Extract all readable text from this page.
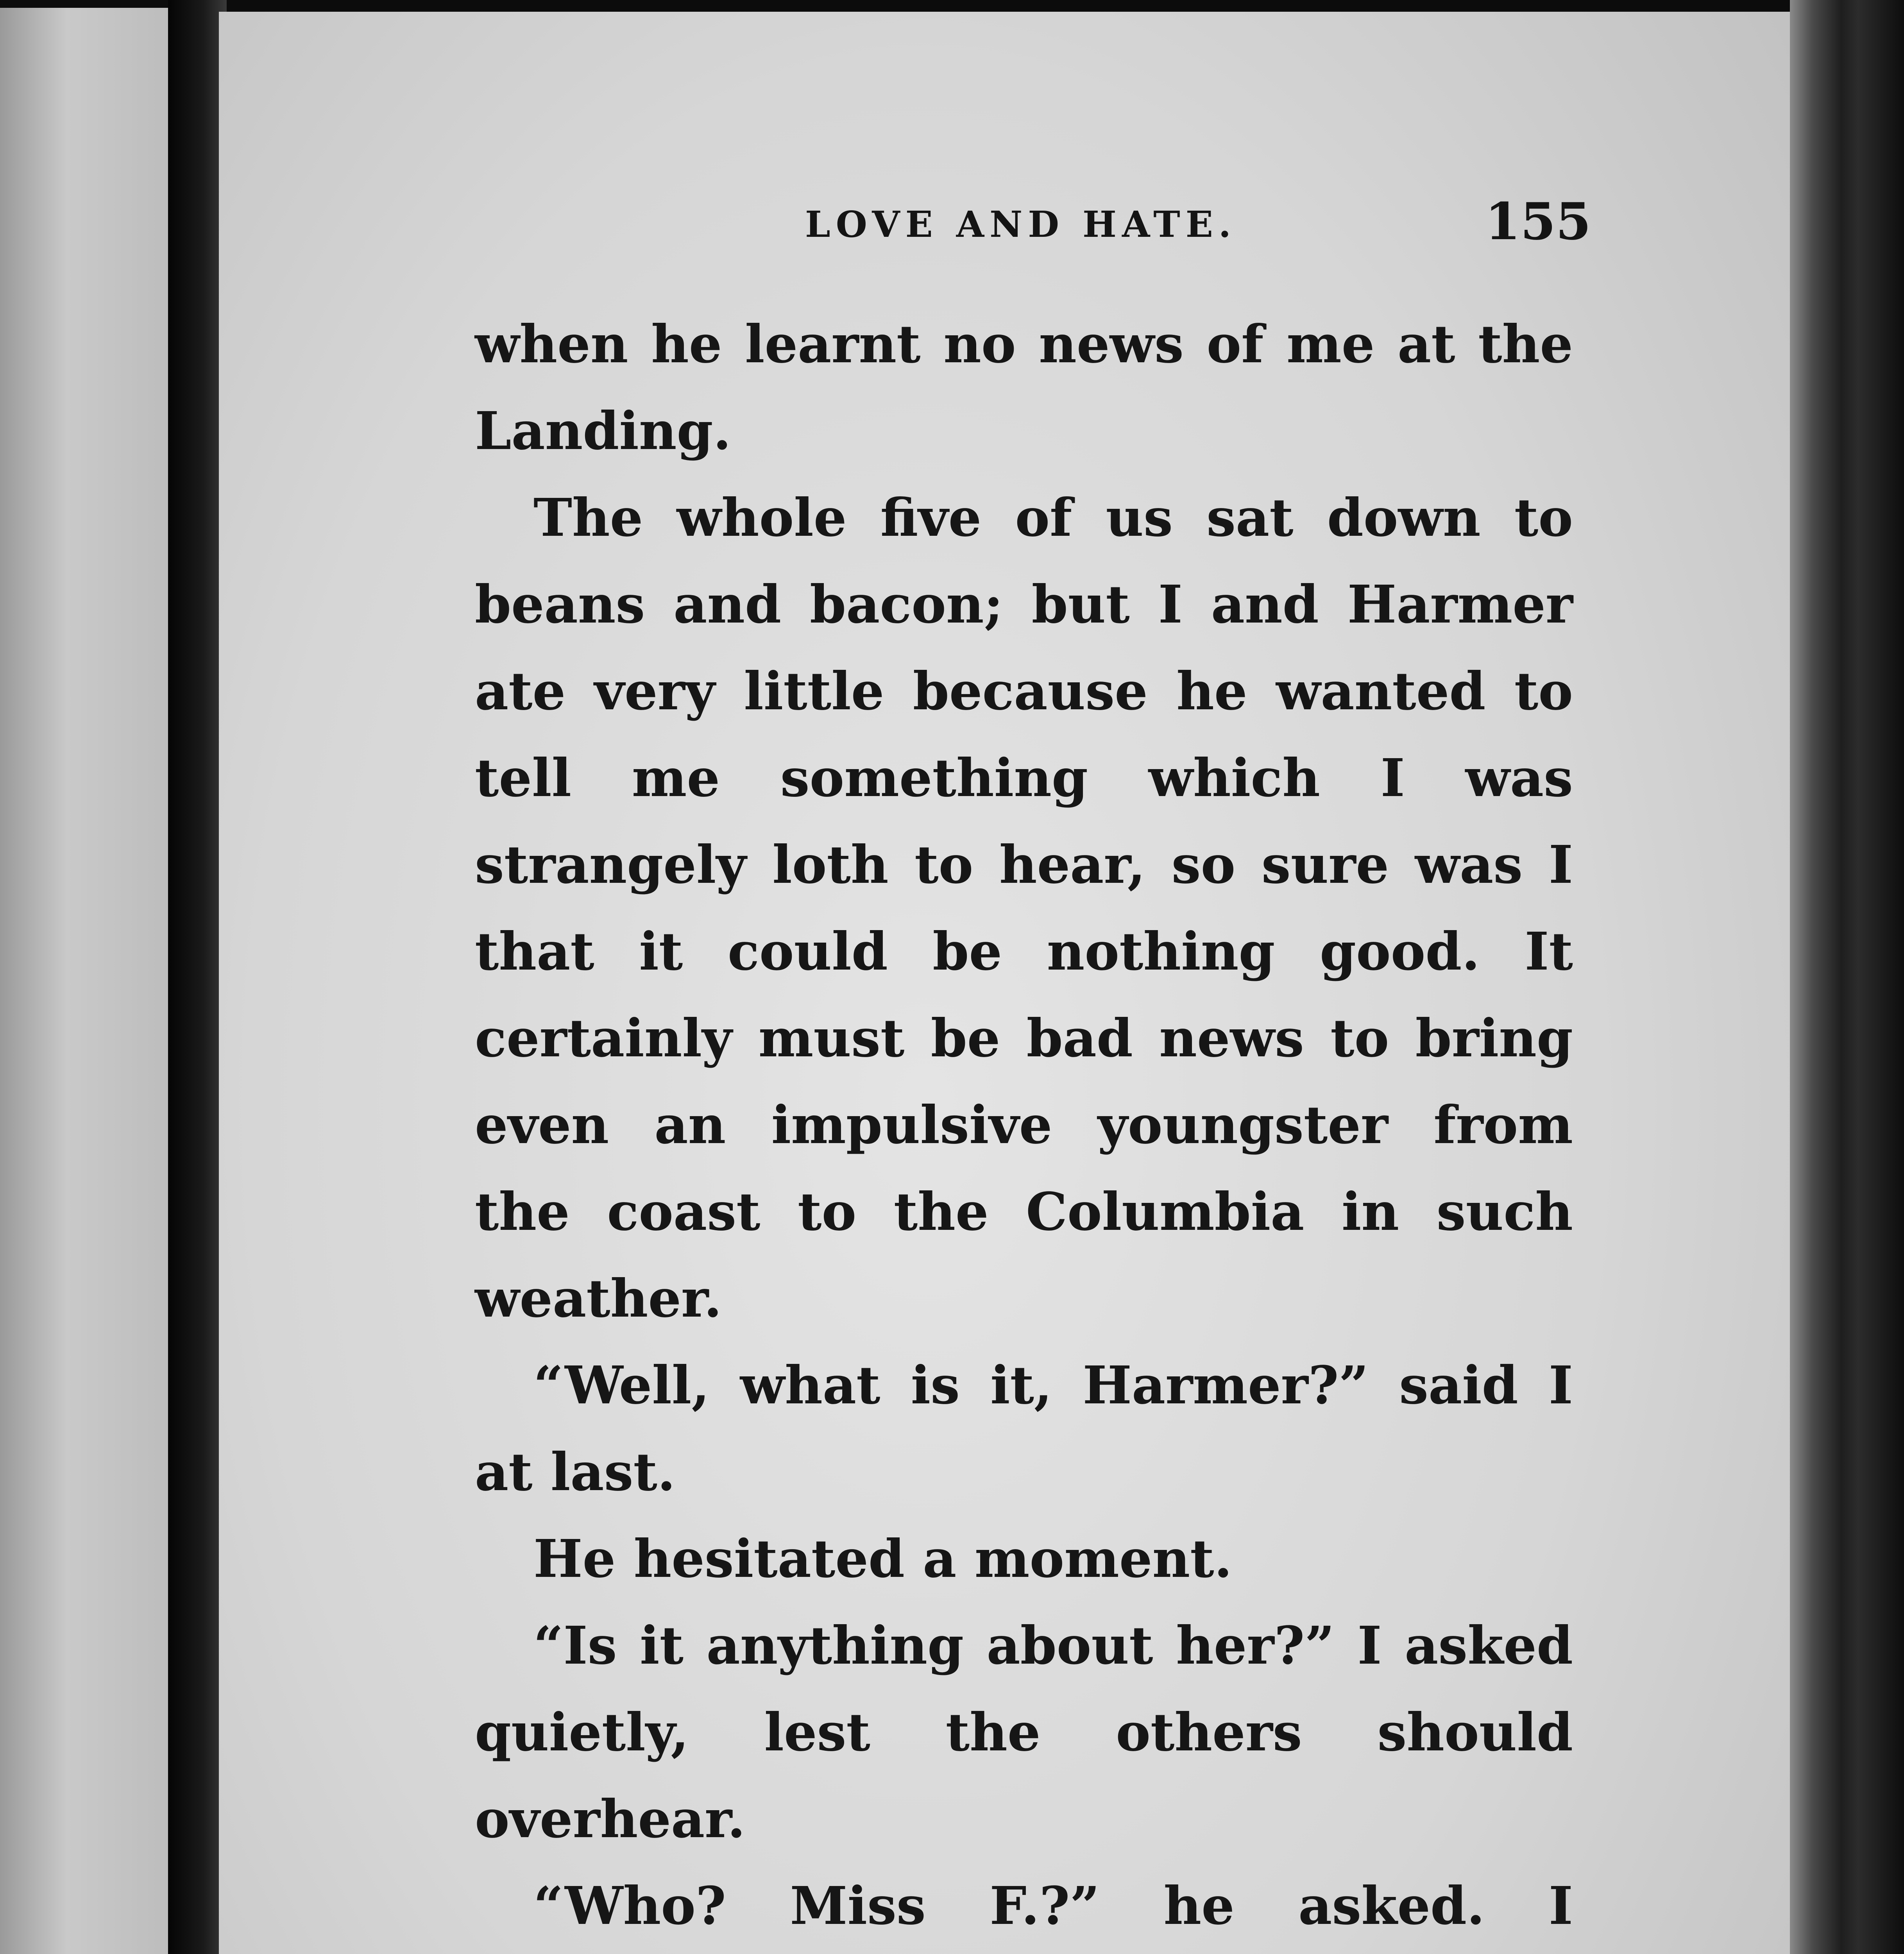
LOVE AND HATE.	155

when he learnt no news of me at the Landing.

The whole five of us sat down to beans and bacon; but I and Harmer ate very little because he wanted to tell me something which I was strangely loth to hear, so sure was I that it could be nothing good. It certainly must be bad news to bring even an impulsive youngster from the coast to the Columbia in such weather.

“Well, what is it, Harmer?” said I at last.

He hesitated a moment.

“Is it anything about her?” I asked quietly, lest the others should overhear.

“Who? Miss F.?” he asked. I
